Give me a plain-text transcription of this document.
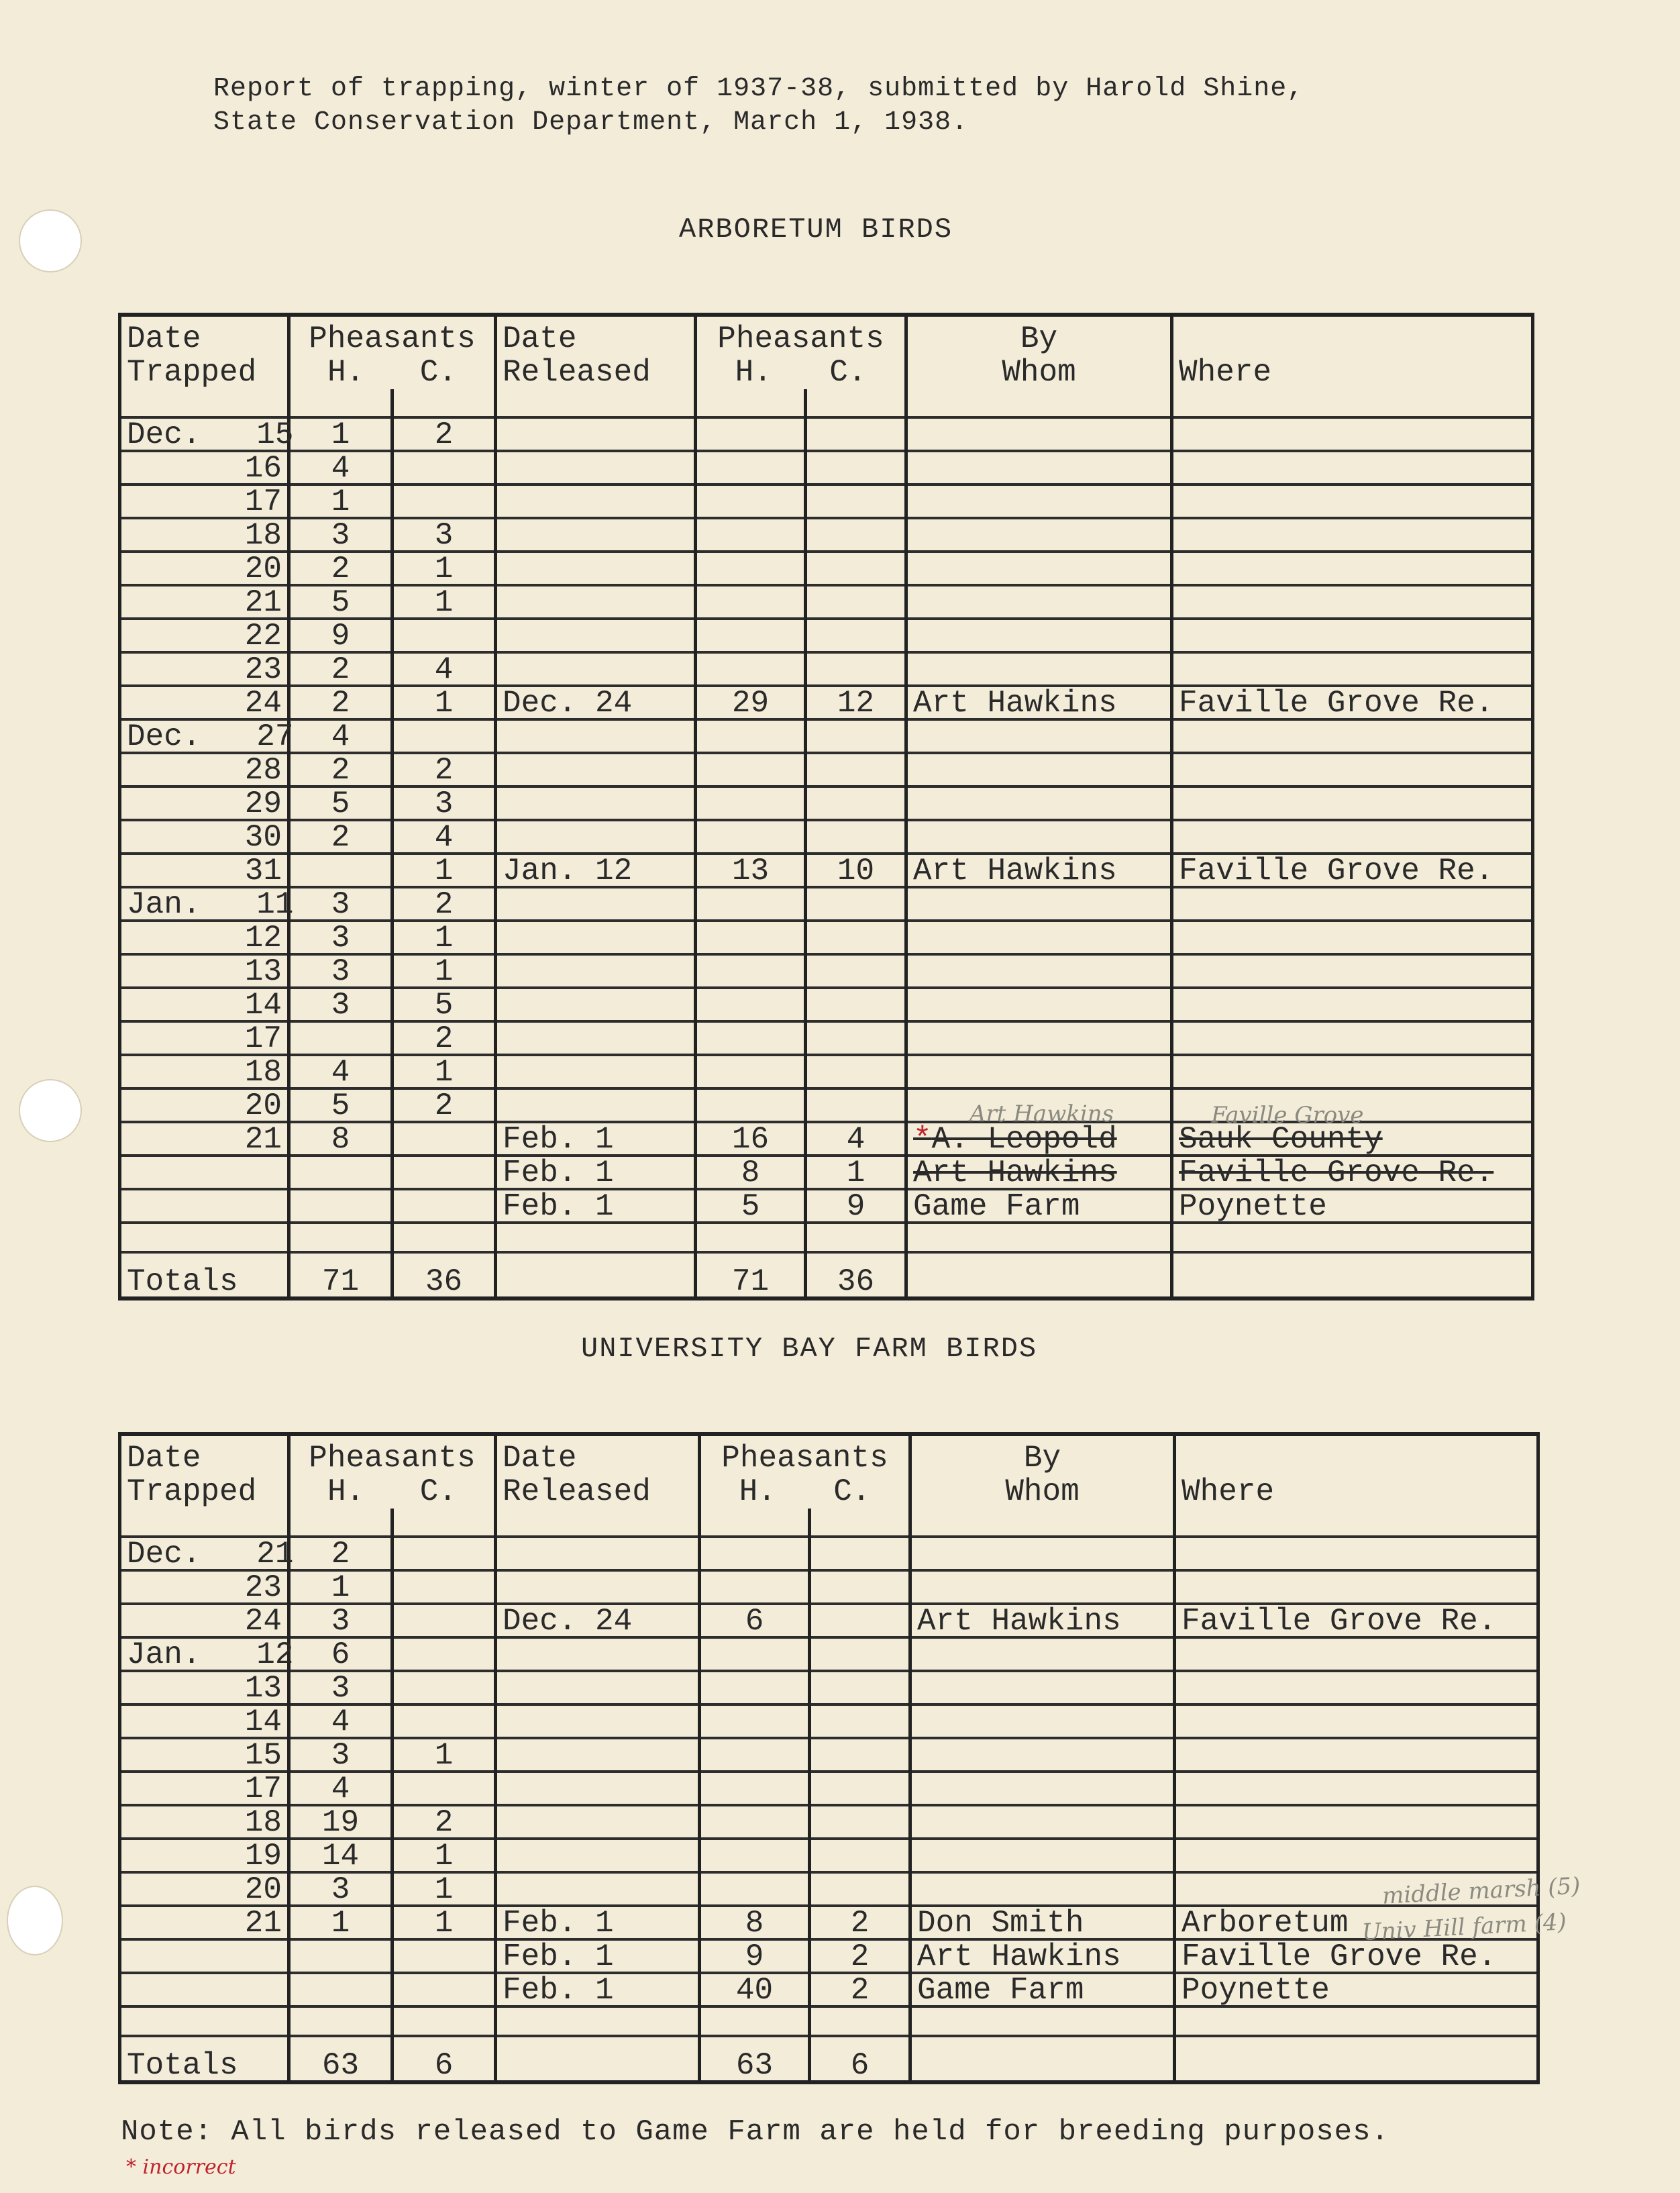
Report of trapping, winter of 1937-38, submitted by Harold Shine,
State Conservation Department, March 1, 1938.
ARBORETUM BIRDS
Date
Trapped	Pheasants
H. C.		Date
Released	Pheasants
H. C.		By
Whom	Where

Dec.   15	1	2					
16	4						
17	1						
18	3	3					
20	2	1					
21	5	1					
22	9						
23	2	4					
24	2	1	Dec. 24	29	12	Art Hawkins	Faville Grove Re.
Dec.   27	4						
28	2	2					
29	5	3					
30	2	4					
31		1	Jan. 12	13	10	Art Hawkins	Faville Grove Re.
Jan.   11	3	2					
12	3	1					
13	3	1					
14	3	5					
17		2					
18	4	1					
20	5	2					
21	8		Feb. 1	16	4	*A. Leopold	Sauk County
			Feb. 1	8	1	Art Hawkins	Faville Grove Re.
			Feb. 1	5	9	Game Farm	Poynette

Totals	71	36		71	36		
Art Hawkins	Faville Grove
UNIVERSITY BAY FARM BIRDS
Date
Trapped	Pheasants
H. C.		Date
Released	Pheasants
H. C.		By
Whom	Where

Dec.   21	2						
23	1						
24	3		Dec. 24	6		Art Hawkins	Faville Grove Re.
Jan.   12	6						
13	3						
14	4						
15	3	1					
17	4						
18	19	2					
19	14	1					
20	3	1					
21	1	1	Feb. 1	8	2	Don Smith	Arboretum
			Feb. 1	9	2	Art Hawkins	Faville Grove Re.
			Feb. 1	40	2	Game Farm	Poynette

Totals	63	6		63	6		
middle marsh (5)
Univ Hill farm (4)
Note: All birds released to Game Farm are held for breeding purposes.
* incorrect
